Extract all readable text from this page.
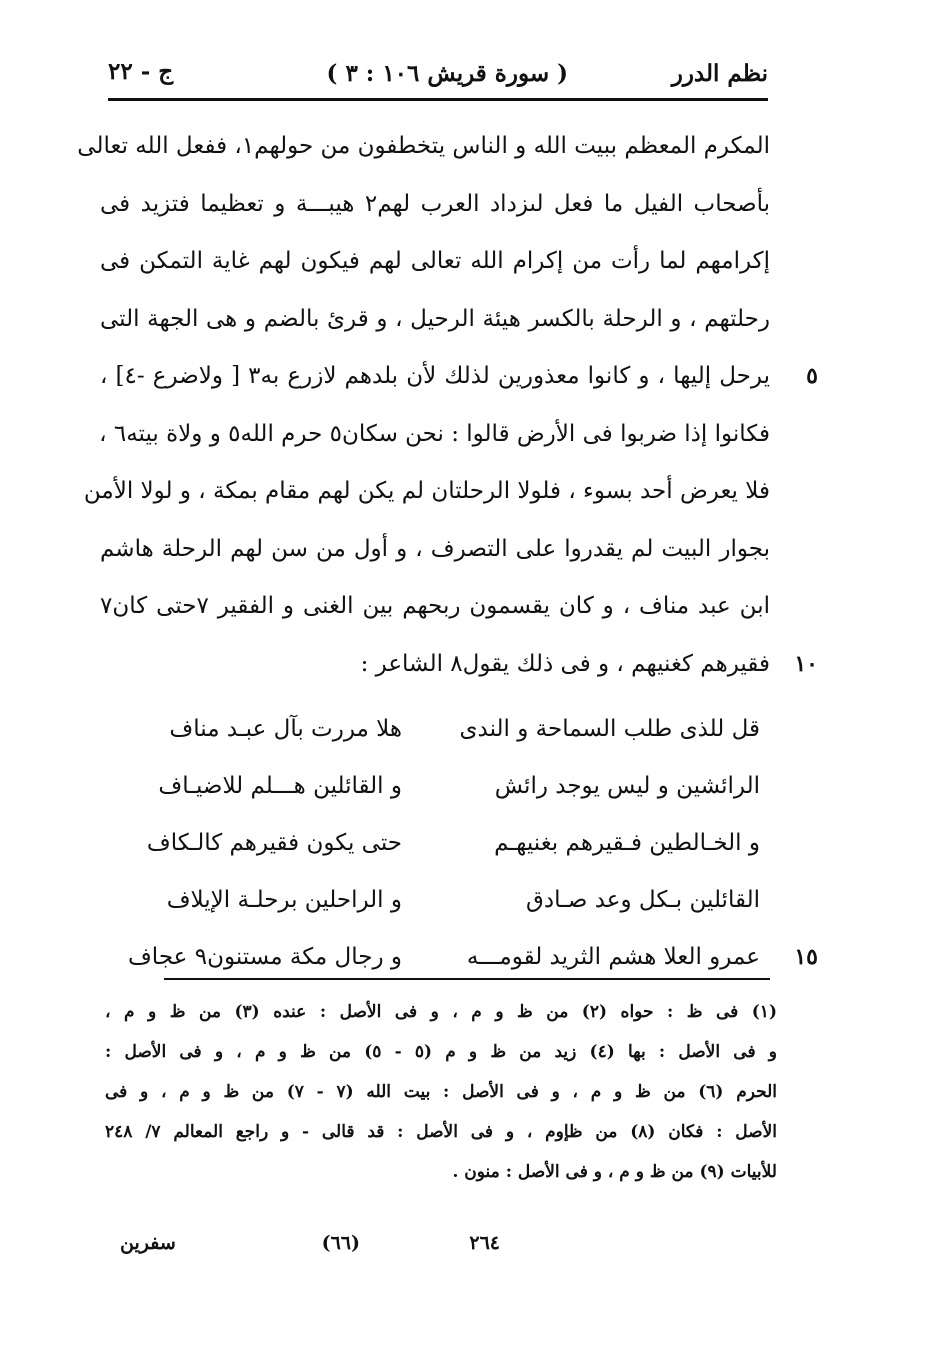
نظم الدرر
( سورة قريش ١٠٦ : ٣ )
ج - ٢٢
المكرم المعظم ببيت الله و الناس يتخطفون من حولهم١، ففعل الله تعالى
بأصحاب الفيل ما فعل لىزداد العرب لهم٢ هيبـــة و تعظيما فتزيد فى
إكرامهم لما رأت من إكرام الله تعالى لهم فيكون لهم غاية التمكن فى
رحلتهم ، و الرحلة بالكسر هيئة الرحيل ، و قرئ بالضم و هى الجهة التى
٥
يرحل إليها ، و كانوا معذورين لذلك لأن بلدهم لازرع به٣ [ ولاضرع -٤] ،
فكانوا إذا ضربوا فى الأرض قالوا : نحن سكان٥ حرم الله٥ و ولاة بيته٦ ،
فلا يعرض أحد بسوء ، فلولا الرحلتان لم يكن لهم مقام بمكة ، و لولا الأمن
بجوار البيت لم يقدروا على التصرف ، و أول من سن لهم الرحلة هاشم
ابن عبد مناف ، و كان يقسمون ربحهم بين الغنى و الفقير ٧حتى كان٧
١٠
فقيرهم كغنيهم ، و فى ذلك يقول٨ الشاعر :
قل للذى طلب السماحة و الندى
هلا مررت بآل عبـد مناف
الرائشين و ليس يوجد رائش
و القائلين هـــلم للاضيـاف
و الخـالطين فـقيرهم بغنيهـم
حتى يكون فقيرهم كالـكاف
القائلين بـكل وعد صـادق
و الراحلين برحلـة الإيلاف
١٥
عمرو العلا هشم الثريد لقومـــه
و رجال مكة مستنون٩ عجاف
(١) فى ظ : حواه (٢) من ظ و م ، و فى الأصل : عنده (٣) من ظ و م ،
و فى الأصل : بها (٤) زيد من ظ و م (٥ - ٥) من ظ و م ، و فى الأصل :
الحرم (٦) من ظ و م ، و فى الأصل : بيت الله (٧ - ٧) من ظ و م ، و فى
الأصل : فكان (٨) من ظإوم ، و فى الأصل : قد قالى - و راجع المعالم ٧/ ٢٤٨
للأبيات (٩) من ظ و م ، و فى الأصل : منون .
٢٦٤
(٦٦)
سفرين
